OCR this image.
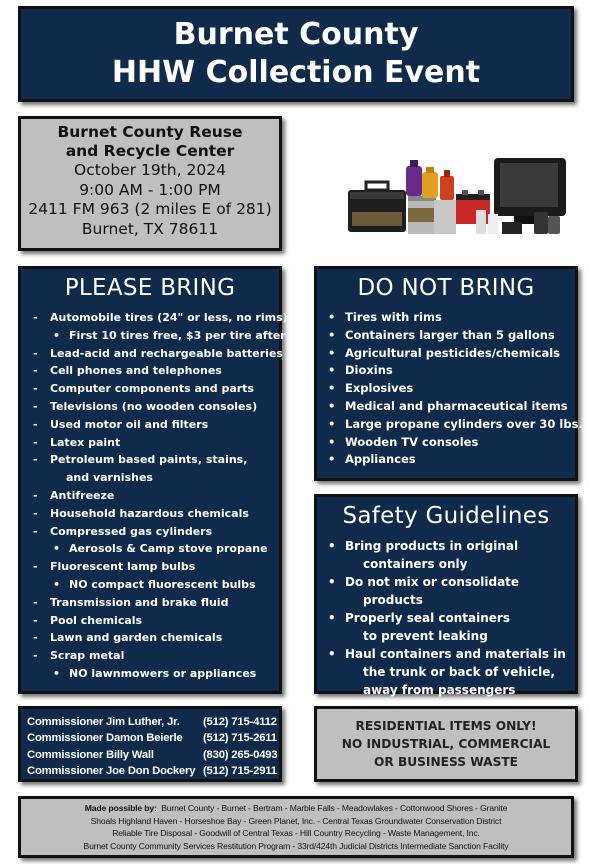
Burnet County
HHW Collection Event
Burnet County Reuse
and Recycle Center
October 19th, 2024
9:00 AM - 1:00 PM
2411 FM 963 (2 miles E of 281)
Burnet, TX 78611
PLEASE BRING
- Automobile tires (24" or less, no rims)
• First 10 tires free, $3 per tire after
- Lead-acid and rechargeable batteries
- Cell phones and telephones
- Computer components and parts
- Televisions (no wooden consoles)
- Used motor oil and filters
- Latex paint
- Petroleum based paints, stains,
and varnishes
- Antifreeze
- Household hazardous chemicals
- Compressed gas cylinders
• Aerosols & Camp stove propane
- Fluorescent lamp bulbs
• NO compact fluorescent bulbs
- Transmission and brake fluid
- Pool chemicals
- Lawn and garden chemicals
- Scrap metal
• NO lawnmowers or appliances
DO NOT BRING
• Tires with rims
• Containers larger than 5 gallons
• Agricultural pesticides/chemicals
• Dioxins
• Explosives
• Medical and pharmaceutical items
• Large propane cylinders over 30 lbs.
• Wooden TV consoles
• Appliances
Safety Guidelines
• Bring products in original
containers only
• Do not mix or consolidate
products
• Properly seal containers
to prevent leaking
• Haul containers and materials in
the trunk or back of vehicle,
away from passengers
Commissioner Jim Luther, Jr.	(512) 715-4112
Commissioner Damon Beierle	(512) 715-2611
Commissioner Billy Wall	(830) 265-0493
Commissioner Joe Don Dockery (512) 715-2911
RESIDENTIAL ITEMS ONLY!
NO INDUSTRIAL, COMMERCIAL
OR BUSINESS WASTE
Made possible by: Burnet County - Burnet - Bertram - Marble Falls - Meadowlakes - Cottonwood Shores - Granite
Shoals Highland Haven - Horseshoe Bay - Green Planet, Inc. - Central Texas Groundwater Conservation District
Reliable Tire Disposal - Goodwill of Central Texas - Hill Country Recycling - Waste Management, Inc.
Burnet County Community Services Restitution Program - 33rd/424th Judicial Districts Intermediate Sanction Facility
